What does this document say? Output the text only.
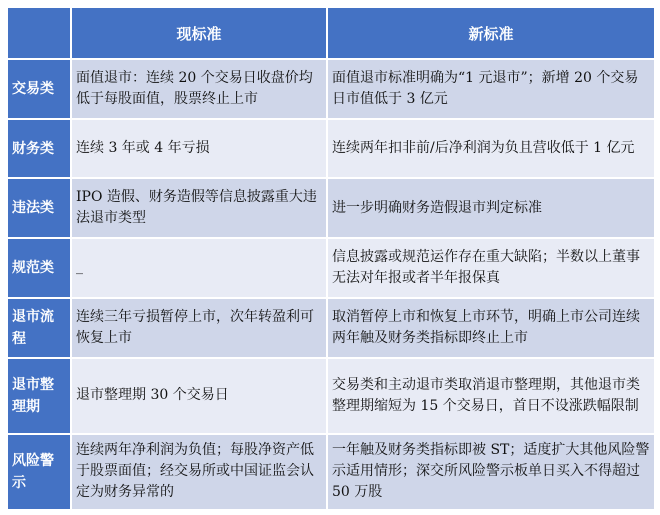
	现标准	新标准
交易类	面值退市：连续 20 个交易日收盘价均低于每股面值，股票终止上市	面值退市标准明确为“1 元退市”；新增 20 个交易日市值低于 3 亿元
财务类	连续 3 年或 4 年亏损	连续两年扣非前/后净利润为负且营收低于 1 亿元
违法类	IPO 造假、财务造假等信息披露重大违法退市类型	进一步明确财务造假退市判定标准
规范类	_	信息披露或规范运作存在重大缺陷；半数以上董事无法对年报或者半年报保真
退市流程	连续三年亏损暂停上市，次年转盈利可恢复上市	取消暂停上市和恢复上市环节，明确上市公司连续两年触及财务类指标即终止上市
退市整理期	退市整理期 30 个交易日	交易类和主动退市类取消退市整理期，其他退市类整理期缩短为 15 个交易日，首日不设涨跌幅限制
风险警示	连续两年净利润为负值；每股净资产低于股票面值；经交易所或中国证监会认定为财务异常的	一年触及财务类指标即被 ST；适度扩大其他风险警示适用情形；深交所风险警示板单日买入不得超过 50 万股
